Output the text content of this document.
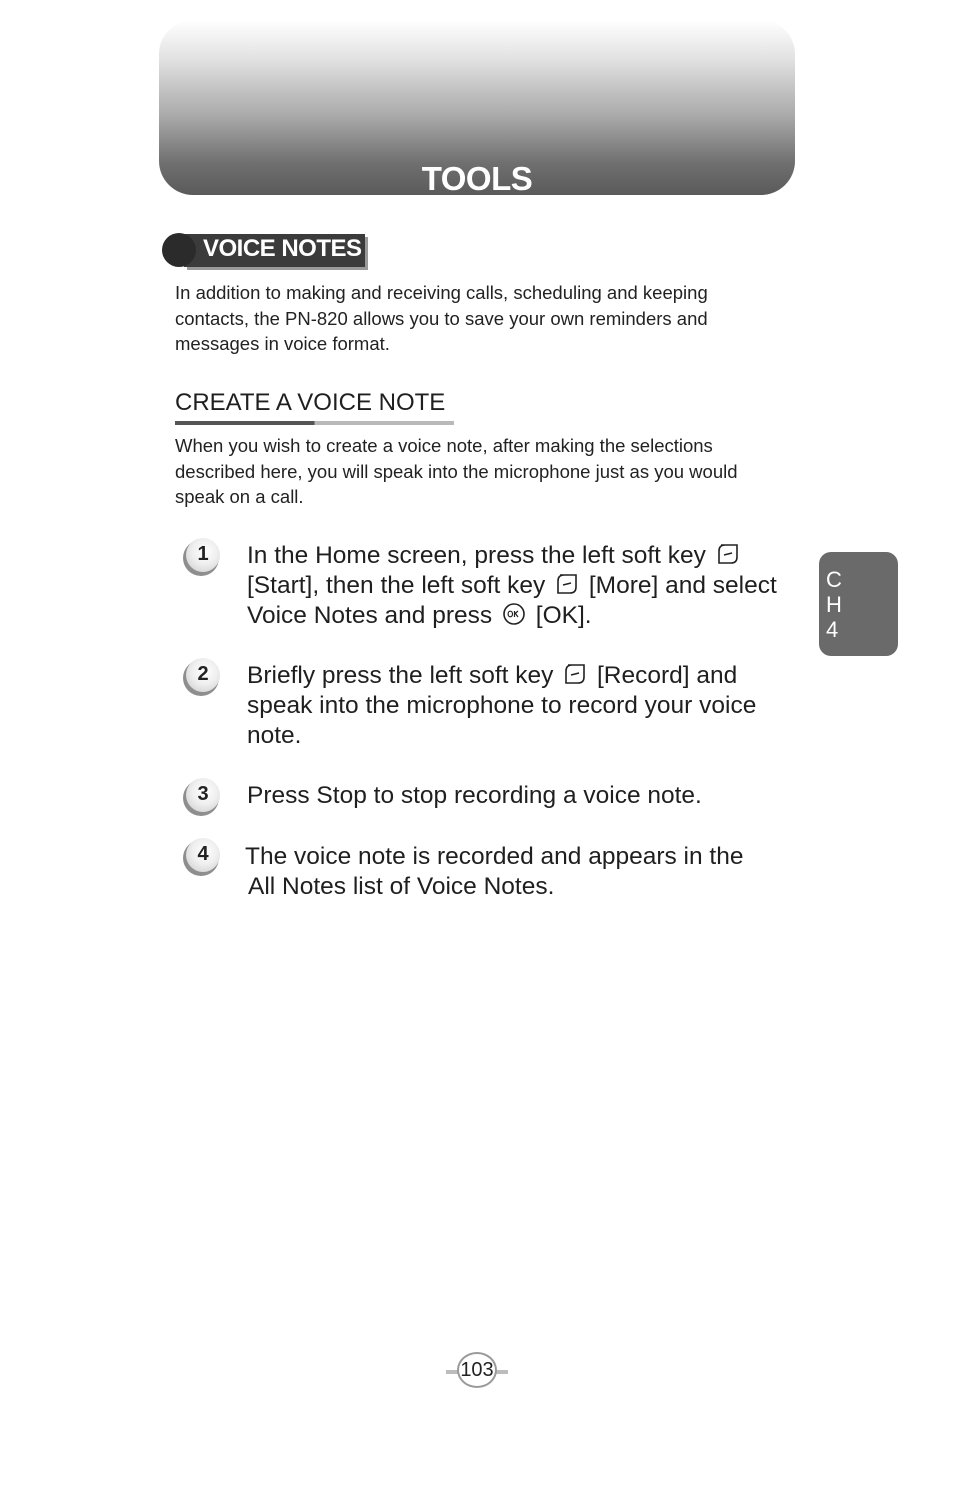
TOOLS
VOICE NOTES
In addition to making and receiving calls, scheduling and keeping contacts, the PN-820 allows you to save your own reminders and messages in voice format.
CREATE A VOICE NOTE
When you wish to create a voice note, after making the selections described here, you will speak into the microphone just as you would speak on a call.
1	In the Home screen, press the left soft key  [Start], then the left soft key [More] and select Voice Notes and press [OK].
2	Briefly press the left soft key [Record] and speak into the microphone to record your voice note.
3	Press Stop to stop recording a voice note.
4	The voice note is recorded and appears in the
All Notes list of Voice Notes.
C
H
4
103
